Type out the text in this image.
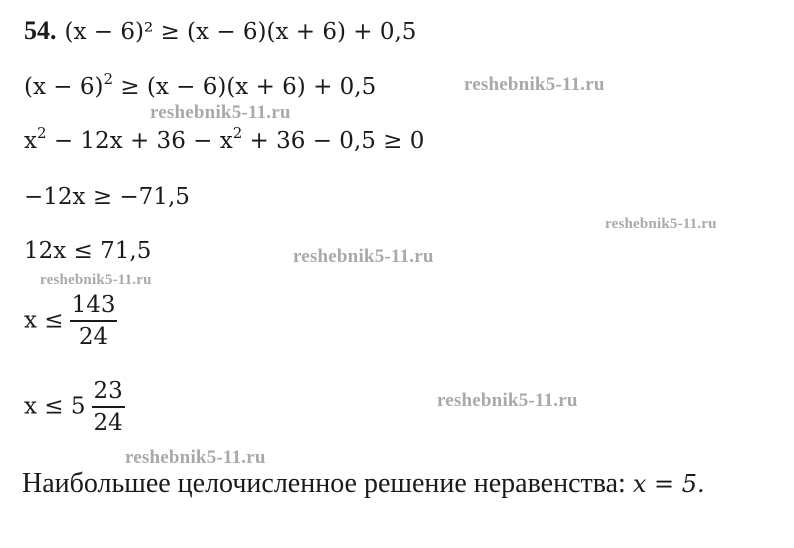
54. (x − 6)² ≥ (x − 6)(x + 6) + 0,5
$(x - 6)^2 \ge (x - 6)(x + 6) + 0,5$
$x^2 - 12x + 36 - x^2 + 36 - 0,5 \ge 0$
−12x ≥ −71,5
12x ≤ 71,5
$x \le \frac{143}{24}$
$x \le 5 \frac{23}{24}$
Наибольшее целочисленное решение неравенства: x = 5.
reshebnik5-11.ru
reshebnik5-11.ru
reshebnik5-11.ru
reshebnik5-11.ru
reshebnik5-11.ru
reshebnik5-11.ru
reshebnik5-11.ru
